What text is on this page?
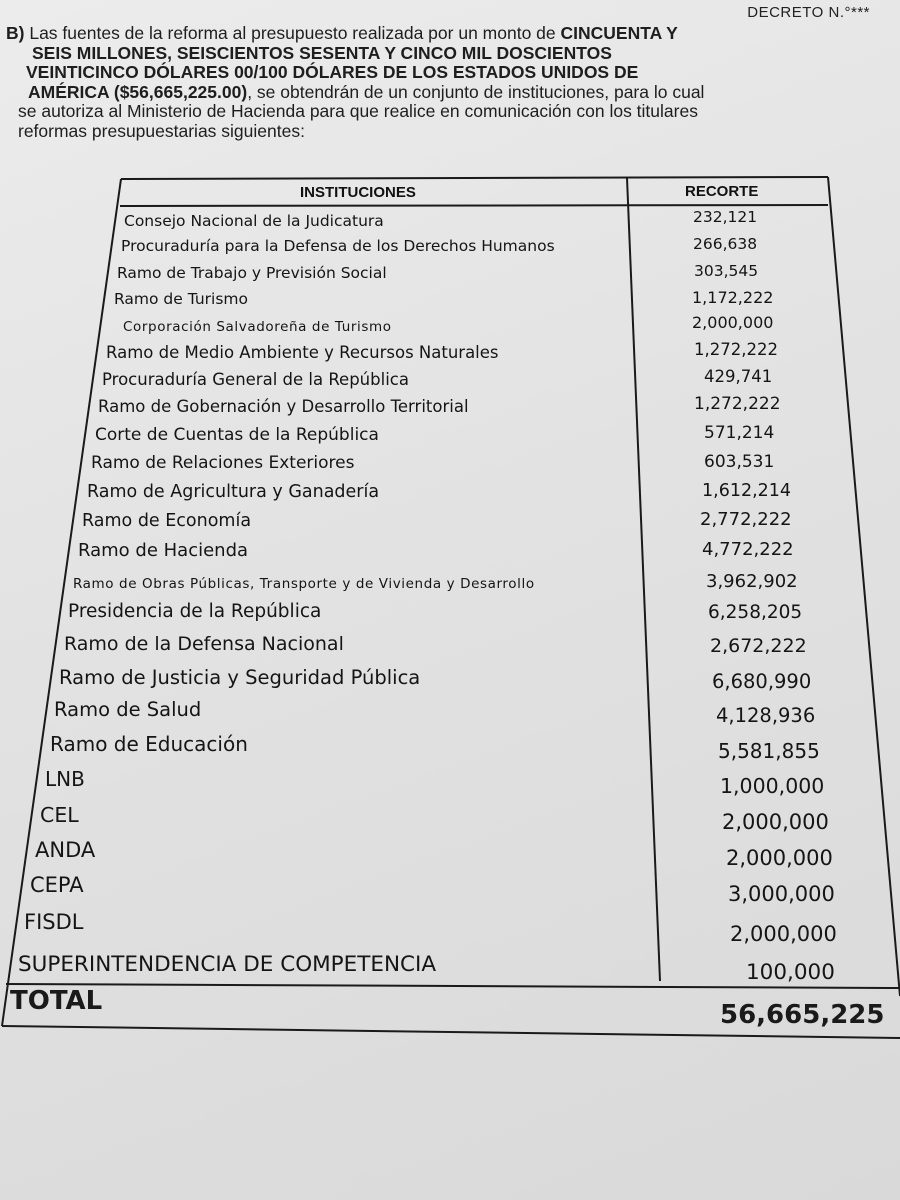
DECRETO N.°***
B) Las fuentes de la reforma al presupuesto realizada por un monto de CINCUENTA Y
SEIS MILLONES, SEISCIENTOS SESENTA Y CINCO MIL DOSCIENTOS
VEINTICINCO DÓLARES 00/100 DÓLARES DE LOS ESTADOS UNIDOS DE
AMÉRICA ($56,665,225.00), se obtendrán de un conjunto de instituciones, para lo cual
se autoriza al Ministerio de Hacienda para que realice en comunicación con los titulares
reformas presupuestarias siguientes:
INSTITUCIONES	RECORTE
Consejo Nacional de la Judicatura	232,121
Procuraduría para la Defensa de los Derechos Humanos	266,638
Ramo de Trabajo y Previsión Social	303,545
Ramo de Turismo	1,172,222
Corporación Salvadoreña de Turismo	2,000,000
Ramo de Medio Ambiente y Recursos Naturales	1,272,222
Procuraduría General de la República	429,741
Ramo de Gobernación y Desarrollo Territorial	1,272,222
Corte de Cuentas de la República	571,214
Ramo de Relaciones Exteriores	603,531
Ramo de Agricultura y Ganadería	1,612,214
Ramo de Economía	2,772,222
Ramo de Hacienda	4,772,222
Ramo de Obras Públicas, Transporte y de Vivienda y Desarrollo	3,962,902
Presidencia de la República	6,258,205
Ramo de la Defensa Nacional	2,672,222
Ramo de Justicia y Seguridad Pública	6,680,990
Ramo de Salud	4,128,936
Ramo de Educación	5,581,855
LNB	1,000,000
CEL	2,000,000
ANDA	2,000,000
CEPA	3,000,000
FISDL	2,000,000
SUPERINTENDENCIA DE COMPETENCIA	100,000
TOTAL	56,665,225
